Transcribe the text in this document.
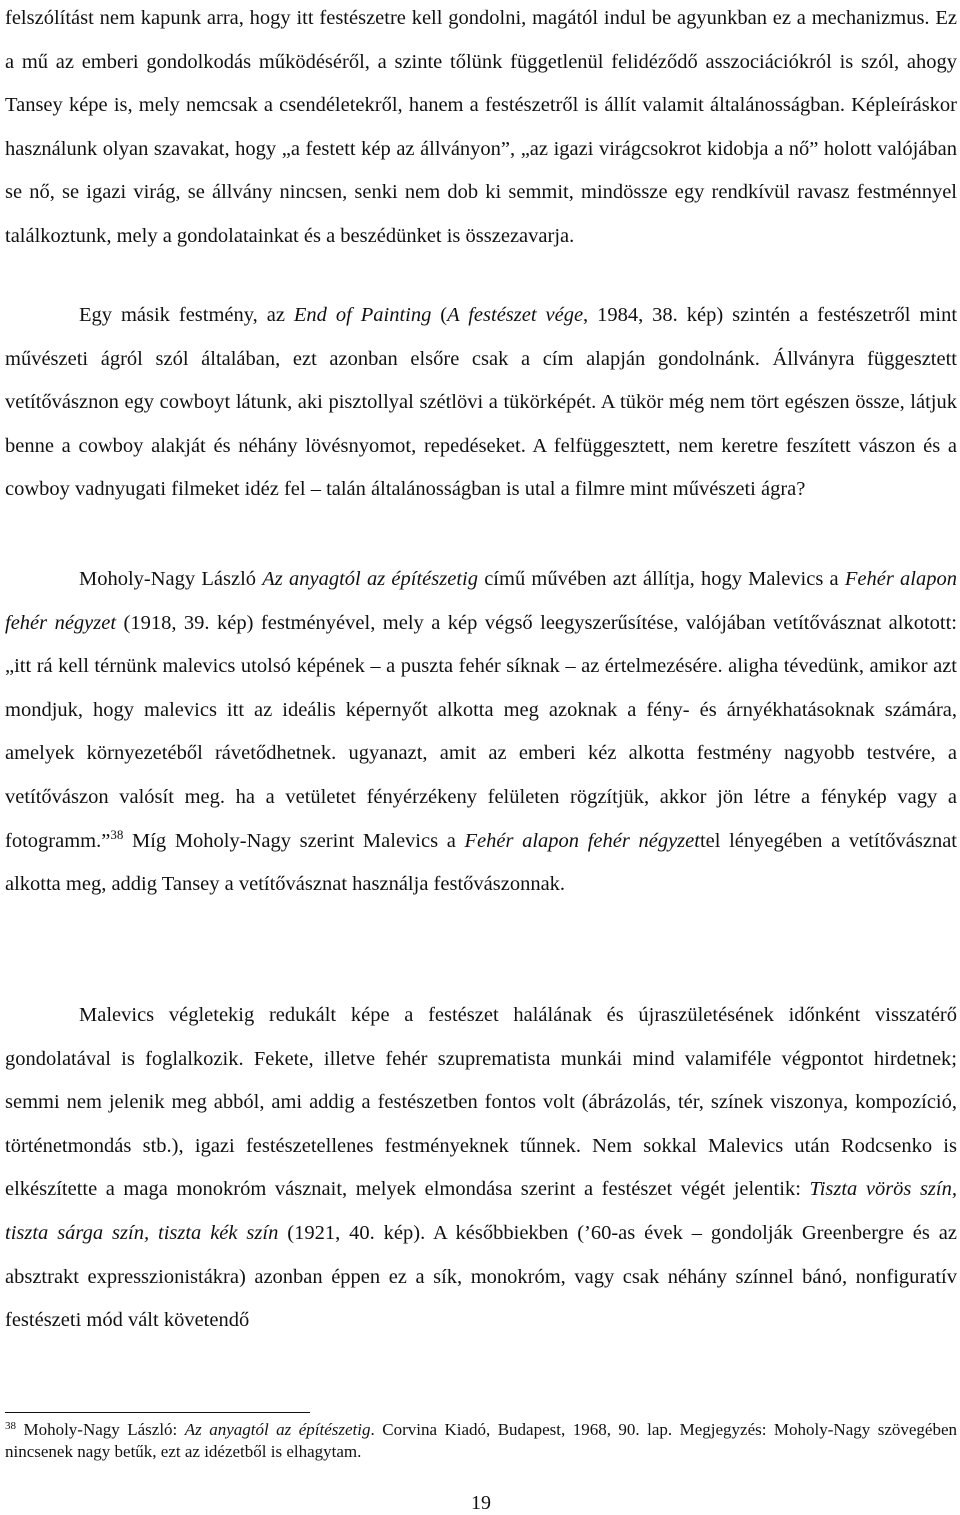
felszólítást nem kapunk arra, hogy itt festészetre kell gondolni, magától indul be agyunkban ez a mechanizmus. Ez a mű az emberi gondolkodás működéséről, a szinte tőlünk függetlenül felidéződő asszociációkról is szól, ahogy Tansey képe is, mely nemcsak a csendéletekről, hanem a festészetről is állít valamit általánosságban. Képleíráskor használunk olyan szavakat, hogy „a festett kép az állványon”, „az igazi virágcsokrot kidobja a nő” holott valójában se nő, se igazi virág, se állvány nincsen, senki nem dob ki semmit, mindössze egy rendkívül ravasz festménnyel találkoztunk, mely a gondolatainkat és a beszédünket is összezavarja.

Egy másik festmény, az End of Painting (A festészet vége, 1984, 38. kép) szintén a festészetről mint művészeti ágról szól általában, ezt azonban elsőre csak a cím alapján gondolnánk. Állványra függesztett vetítővásznon egy cowboyt látunk, aki pisztollyal szétlövi a tükörképét. A tükör még nem tört egészen össze, látjuk benne a cowboy alakját és néhány lövésnyomot, repedéseket. A felfüggesztett, nem keretre feszített vászon és a cowboy vadnyugati filmeket idéz fel – talán általánosságban is utal a filmre mint művészeti ágra?

Moholy-Nagy László Az anyagtól az építészetig című művében azt állítja, hogy Malevics a Fehér alapon fehér négyzet (1918, 39. kép) festményével, mely a kép végső leegyszerűsítése, valójában vetítővásznat alkotott: „itt rá kell térnünk malevics utolsó képének – a puszta fehér síknak – az értelmezésére. aligha tévedünk, amikor azt mondjuk, hogy malevics itt az ideális képernyőt alkotta meg azoknak a fény- és árnyékhatásoknak számára, amelyek környezetéből rávetődhetnek. ugyanazt, amit az emberi kéz alkotta festmény nagyobb testvére, a vetítővászon valósít meg. ha a vetületet fényérzékeny felületen rögzítjük, akkor jön létre a fénykép vagy a fotogramm.”$^{38}$ Míg Moholy-Nagy szerint Malevics a Fehér alapon fehér négyzettel lényegében a vetítővásznat alkotta meg, addig Tansey a vetítővásznat használja festővászonnak.

Malevics végletekig redukált képe a festészet halálának és újraszületésének időnként visszatérő gondolatával is foglalkozik. Fekete, illetve fehér szuprematista munkái mind valamiféle végpontot hirdetnek; semmi nem jelenik meg abból, ami addig a festészetben fontos volt (ábrázolás, tér, színek viszonya, kompozíció, történetmondás stb.), igazi festészetellenes festményeknek tűnnek. Nem sokkal Malevics után Rodcsenko is elkészítette a maga monokróm vásznait, melyek elmondása szerint a festészet végét jelentik: Tiszta vörös szín, tiszta sárga szín, tiszta kék szín (1921, 40. kép). A későbbiekben (’60-as évek – gondolják Greenbergre és az absztrakt expresszionistákra) azonban éppen ez a sík, monokróm, vagy csak néhány színnel bánó, nonfiguratív festészeti mód vált követendő

$^{38}$ Moholy-Nagy László: Az anyagtól az építészetig. Corvina Kiadó, Budapest, 1968, 90. lap. Megjegyzés: Moholy-Nagy szövegében nincsenek nagy betűk, ezt az idézetből is elhagytam.

19
